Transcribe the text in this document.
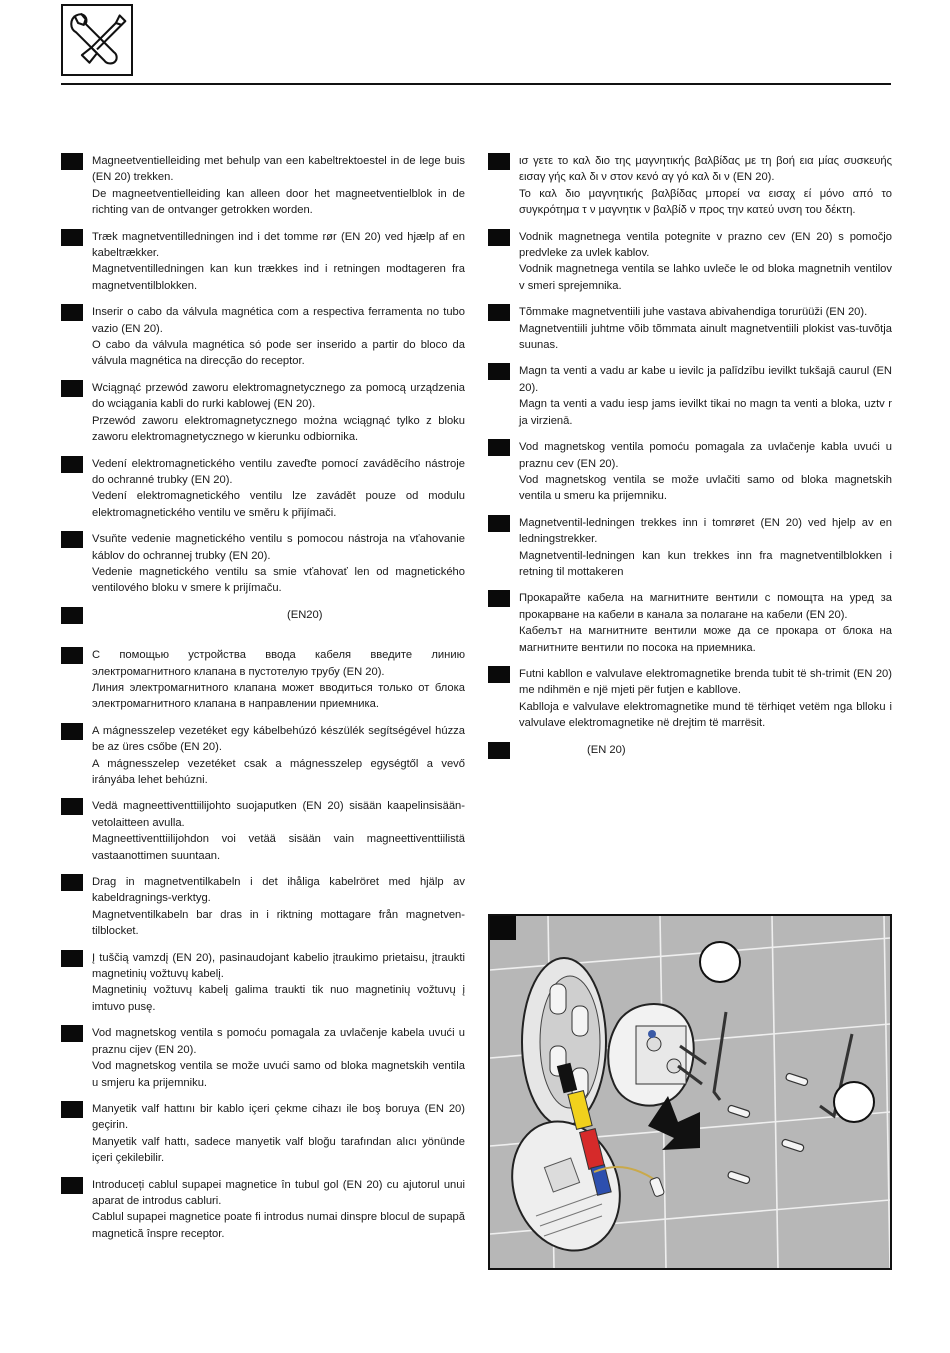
Magneetventielleiding met behulp van een kabeltrektoestel in de lege buis (EN 20) trekken.

De magneetventielleiding kan alleen door het magneetventielblok in de richting van de ontvanger getrokken worden.

Træk magnetventilledningen ind i det tomme rør (EN 20) ved hjælp af en kabeltrækker.

Magnetventilledningen kan kun trækkes ind i retningen modtageren fra magnetventilblokken.

Inserir o cabo da válvula magnética com a respectiva ferramenta no tubo vazio (EN 20).

O cabo da válvula magnética só pode ser inserido a partir do bloco da válvula magnética na direcção do receptor.

Wciągnąć przewód zaworu elektromagnetycznego za pomocą urządzenia do wciągania kabli do rurki kablowej (EN 20).

Przewód zaworu elektromagnetycznego można wciągnąć tylko z bloku zaworu elektromagnetycznego w kierunku odbiornika.

Vedení elektromagnetického ventilu zaveďte pomocí zaváděcího nástroje do ochranné trubky (EN 20).

Vedení elektromagnetického ventilu lze zavádět pouze od modulu elektromagnetického ventilu ve směru k přijímači.

Vsuňte vedenie magnetického ventilu s pomocou nástroja na vťahovanie káblov do ochrannej trubky (EN 20).

Vedenie magnetického ventilu sa smie vťahovať len od magnetického ventilového bloku v smere k prijímaču.

(EN20)

С помощью устройства ввода кабеля введите линию электромагнитного клапана в пустотелую трубу (EN 20).

Линия электромагнитного клапана может вводиться только от блока электромагнитного клапана в направлении приемника.

A mágnesszelep vezetéket egy kábelbehúzó készülék segítségével húzza be az üres csőbe (EN 20).

A mágnesszelep vezetéket csak a mágnesszelep egységtől a vevő irányába lehet behúzni.

Vedä magneettiventtiilijohto suojaputken (EN 20) sisään kaapelinsisään-vetolaitteen avulla.

Magneettiventtiilijohdon voi vetää sisään vain magneettiventtiilistä vastaanottimen suuntaan.

Drag in magnetventilkabeln i det ihåliga kabelröret med hjälp av kabeldragnings-verktyg.

Magnetventilkabeln bar dras in i riktning mottagare från magnetven-tilblocket.

Į tuščią vamzdį (EN 20), pasinaudojant kabelio įtraukimo prietaisu, įtraukti magnetinių vožtuvų kabelį.

Magnetinių vožtuvų kabelį galima traukti tik nuo magnetinių vožtuvų į imtuvo pusę.

Vod magnetskog ventila s pomoću pomagala za uvlačenje kabela uvući u praznu cijev (EN 20).

Vod magnetskog ventila se može uvući samo od bloka magnetskih ventila u smjeru ka prijemniku.

Manyetik valf hattını bir kablo içeri çekme cihazı ile boş boruya (EN 20) geçirin.

Manyetik valf hattı, sadece manyetik valf bloğu tarafından alıcı yönünde içeri çekilebilir.

Introduceți cablul supapei magnetice în tubul gol (EN 20) cu ajutorul unui aparat de introdus cabluri.

Cablul supapei magnetice poate fi introdus numai dinspre blocul de supapă magnetică înspre receptor.

ισ γετε το καλ διο της μαγνητικής βαλβίδας με τη βοή εια μίας συσκευής εισαγ γής καλ δι ν στον κενό αγ γό καλ δι ν (EN 20).

Το καλ διο μαγνητικής βαλβίδας μπορεί να εισαχ εί μόνο από το συγκρότημα τ ν μαγνητικ ν βαλβίδ ν προς την κατεύ υνση του δέκτη.

Vodnik magnetnega ventila potegnite v prazno cev (EN 20) s pomočjo predvleke za uvlek kablov.

Vodnik magnetnega ventila se lahko uvleče le od bloka magnetnih ventilov v smeri sprejemnika.

Tõmmake magnetventiili juhe vastava abivahendiga torurüüži (EN 20).

Magnetventiili juhtme võib tõmmata ainult magnetventiili plokist vas-tuvõtja suunas.

Magn ta venti a vadu ar kabe u ievilc ja palīdzību ievilkt tukšajā caurul (EN 20).

Magn ta venti a vadu iesp jams ievilkt tikai no magn ta venti a bloka, uztv r ja virzienā.

Vod magnetskog ventila pomoću pomagala za uvlačenje kabla uvući u praznu cev (EN 20).

Vod magnetskog ventila se može uvlačiti samo od bloka magnetskih ventila u smeru ka prijemniku.

Magnetventil-ledningen trekkes inn i tomrøret (EN 20) ved hjelp av en ledningstrekker.

Magnetventil-ledningen kan kun trekkes inn fra magnetventilblokken i retning til mottakeren

Прокарайте кабела на магнитните вентили с помощта на уред за прокарване на кабели в канала за полагане на кабели (EN 20).

Кабелът на магнитните вентили може да се прокара от блока на магнитните вентили по посока на приемника.

Futni kabllon e valvulave elektromagnetike brenda tubit të sh-trimit (EN 20) me ndihmën e një mjeti për futjen e kabllove.

Kablloja e valvulave elektromagnetike mund të tërhiqet vetëm nga blloku i valvulave elektromagnetike në drejtim të marrësit.

(EN 20)
